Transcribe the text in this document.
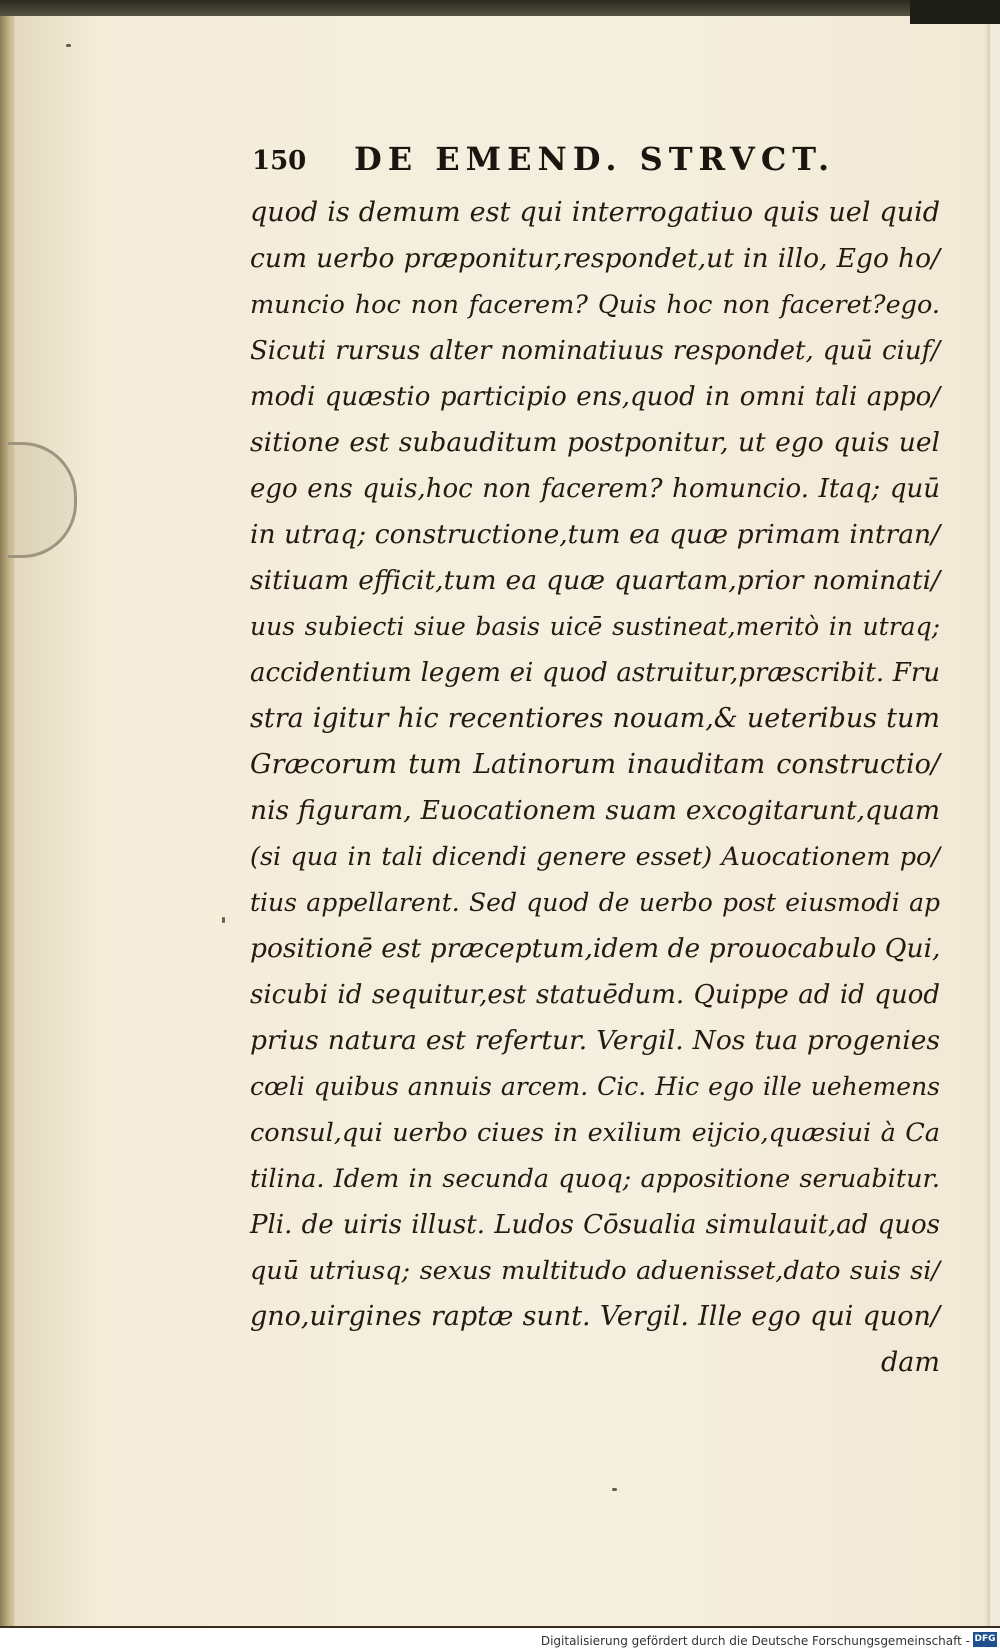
150 DE EMEND. STRVCT.
quod is demum est qui interrogatiuo quis uel quid
cum uerbo præponitur,respondet,ut in illo, Ego ho/
muncio hoc non facerem? Quis hoc non faceret?ego.
Sicuti rursus alter nominatiuus respondet, quū ciuf/
modi quæstio participio ens,quod in omni tali appo/
sitione est subauditum postponitur, ut ego quis uel
ego ens quis,hoc non facerem? homuncio. Itaq; quū
in utraq; constructione,tum ea quæ primam intran/
sitiuam efficit,tum ea quæ quartam,prior nominati/
uus subiecti siue basis uicē sustineat,meritò in utraq;
accidentium legem ei quod astruitur,præscribit. Fru
stra igitur hic recentiores nouam,& ueteribus tum
Græcorum tum Latinorum inauditam constructio/
nis figuram, Euocationem suam excogitarunt,quam
(si qua in tali dicendi genere esset) Auocationem po/
tius appellarent. Sed quod de uerbo post eiusmodi ap
positionē est præceptum,idem de prouocabulo Qui,
sicubi id sequitur,est statuēdum. Quippe ad id quod
prius natura est refertur. Vergil. Nos tua progenies
cœli quibus annuis arcem. Cic. Hic ego ille uehemens
consul,qui uerbo ciues in exilium eijcio,quæsiui à Ca
tilina. Idem in secunda quoq; appositione seruabitur.
Pli. de uiris illust. Ludos Cōsualia simulauit,ad quos
quū utriusq; sexus multitudo aduenisset,dato suis si/
gno,uirgines raptæ sunt. Vergil. Ille ego qui quon/
dam
Digitalisierung gefördert durch die Deutsche Forschungsgemeinschaft - DFG
